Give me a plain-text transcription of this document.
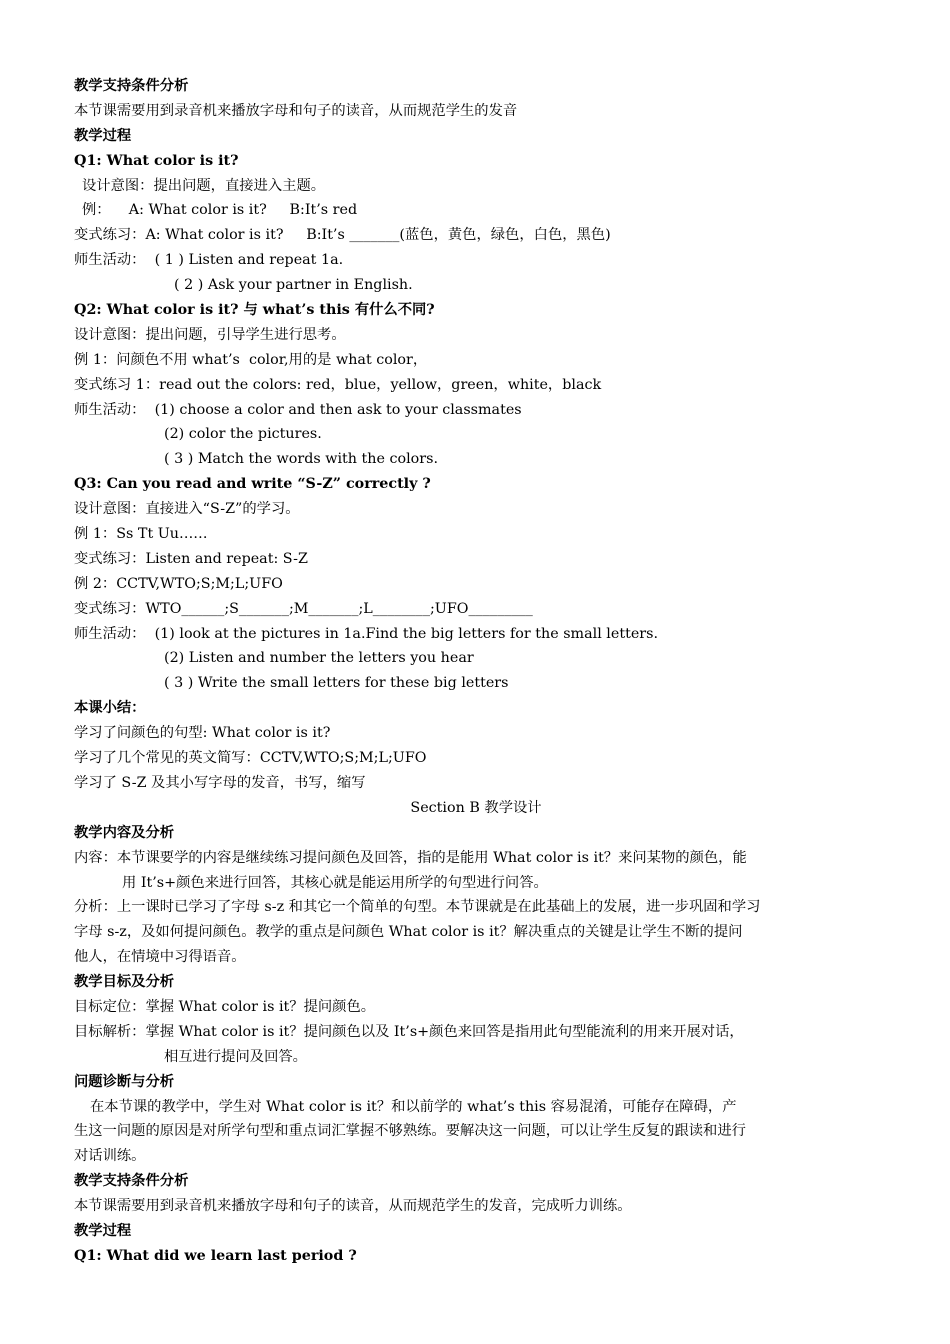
教学支持条件分析
本节课需要用到录音机来播放字母和句子的读音，从而规范学生的发音
教学过程
Q1: What color is it?
设计意图：提出问题，直接进入主题。
例：    A: What color is it?     B:It’s red
变式练习：A: What color is it?     B:It’s _______(蓝色，黄色，绿色，白色，黑色)
师生活动：  ( 1 ) Listen and repeat 1a.
( 2 ) Ask your partner in English.
Q2: What color is it? 与 what’s this 有什么不同?
设计意图：提出问题，引导学生进行思考。
例 1：问颜色不用 what’s  color,用的是 what color，
变式练习 1：read out the colors: red，blue，yellow，green，white，black
师生活动：  (1) choose a color and then ask to your classmates
(2) color the pictures.
( 3 ) Match the words with the colors.
Q3: Can you read and write “S-Z” correctly ?
设计意图：直接进入“S-Z”的学习。
例 1：Ss Tt Uu……
变式练习：Listen and repeat: S-Z
例 2：CCTV,WTO;S;M;L;UFO
变式练习：WTO______;S_______;M_______;L________;UFO_________
师生活动：  (1) look at the pictures in 1a.Find the big letters for the small letters.
(2) Listen and number the letters you hear
( 3 ) Write the small letters for these big letters
本课小结：
学习了问颜色的句型: What color is it?
学习了几个常见的英文简写：CCTV,WTO;S;M;L;UFO
学习了 S-Z 及其小写字母的发音，书写，缩写
Section B 教学设计
教学内容及分析
内容：本节课要学的内容是继续练习提问颜色及回答，指的是能用 What color is it？来问某物的颜色，能
用 It’s+颜色来进行回答，其核心就是能运用所学的句型进行问答。
分析：上一课时已学习了字母 s-z 和其它一个简单的句型。本节课就是在此基础上的发展，进一步巩固和学习
字母 s-z，及如何提问颜色。教学的重点是问颜色 What color is it？解决重点的关键是让学生不断的提问
他人，在情境中习得语音。
教学目标及分析
目标定位：掌握 What color is it？提问颜色。
目标解析：掌握 What color is it？提问颜色以及 It’s+颜色来回答是指用此句型能流利的用来开展对话，
相互进行提问及回答。
问题诊断与分析
在本节课的教学中，学生对 What color is it？和以前学的 what’s this 容易混淆，可能存在障碍，产
生这一问题的原因是对所学句型和重点词汇掌握不够熟练。要解决这一问题，可以让学生反复的跟读和进行
对话训练。
教学支持条件分析
本节课需要用到录音机来播放字母和句子的读音，从而规范学生的发音，完成听力训练。
教学过程
Q1: What did we learn last period ?
